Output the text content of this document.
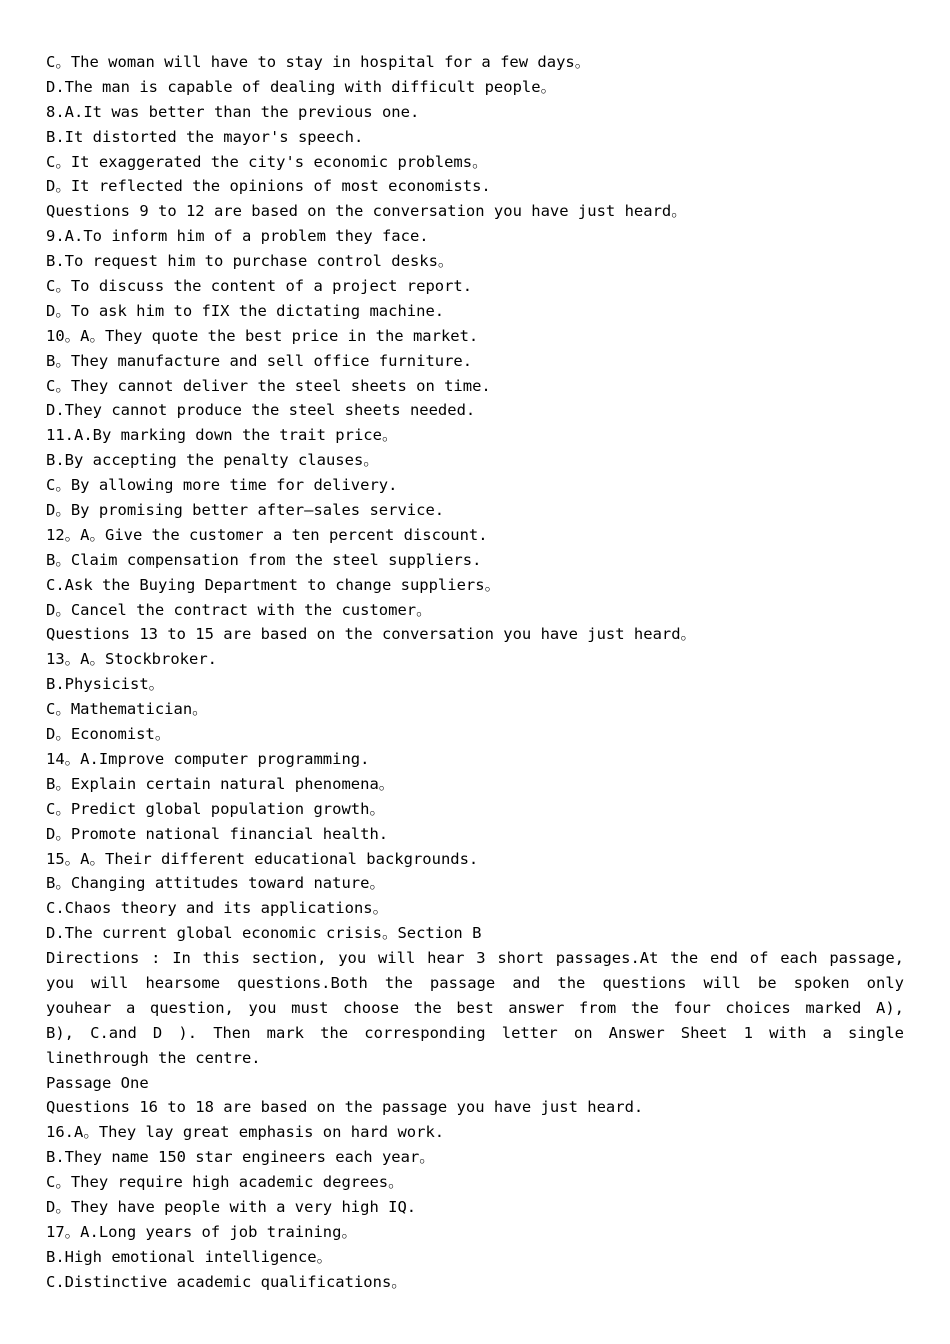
C。The woman will have to stay in hospital for a few days。
D.The man is capable of dealing with difficult people。
8.A.It was better than the previous one.
B.It distorted the mayor's speech.
C。It exaggerated the city's economic problems。
D。It reflected the opinions of most economists.
Questions 9 to 12 are based on the conversation you have just heard。
9.A.To inform him of a problem they face.
B.To request him to purchase control desks。
C。To discuss the content of a project report.
D。To ask him to fIX the dictating machine.
10。A。They quote the best price in the market.
B。They manufacture and sell office furniture.
C。They cannot deliver the steel sheets on time.
D.They cannot produce the steel sheets needed.
11.A.By marking down the trait price。
B.By accepting the penalty clauses。
C。By allowing more time for delivery.
D。By promising better after—sales service.
12。A。Give the customer a ten percent discount.
B。Claim compensation from the steel suppliers.
C.Ask the Buying Department to change suppliers。
D。Cancel the contract with the customer。
Questions 13 to 15 are based on the conversation you have just heard。
13。A。Stockbroker.
B.Physicist。
C。Mathematician。
D。Economist。
14。A.Improve computer programming.
B。Explain certain natural phenomena。
C。Predict global population growth。
D。Promote national financial health.
15。A。Their different educational backgrounds.
B。Changing attitudes toward nature。
C.Chaos theory and its applications。
D.The current global economic crisis。Section B
Directions : In this section, you will hear 3 short passages.At the end of each passage,
you will hearsome questions.Both the passage and the questions will be spoken only
youhear a question, you must choose the best answer from the four choices marked A),
B), C.and D ). Then mark the corresponding letter on Answer Sheet 1 with a single
linethrough the centre.
Passage One
Questions 16 to 18 are based on the passage you have just heard.
16.A。They lay great emphasis on hard work.
B.They name 150 star engineers each year。
C。They require high academic degrees。
D。They have people with a very high IQ.
17。A.Long years of job training。
B.High emotional intelligence。
C.Distinctive academic qualifications。
